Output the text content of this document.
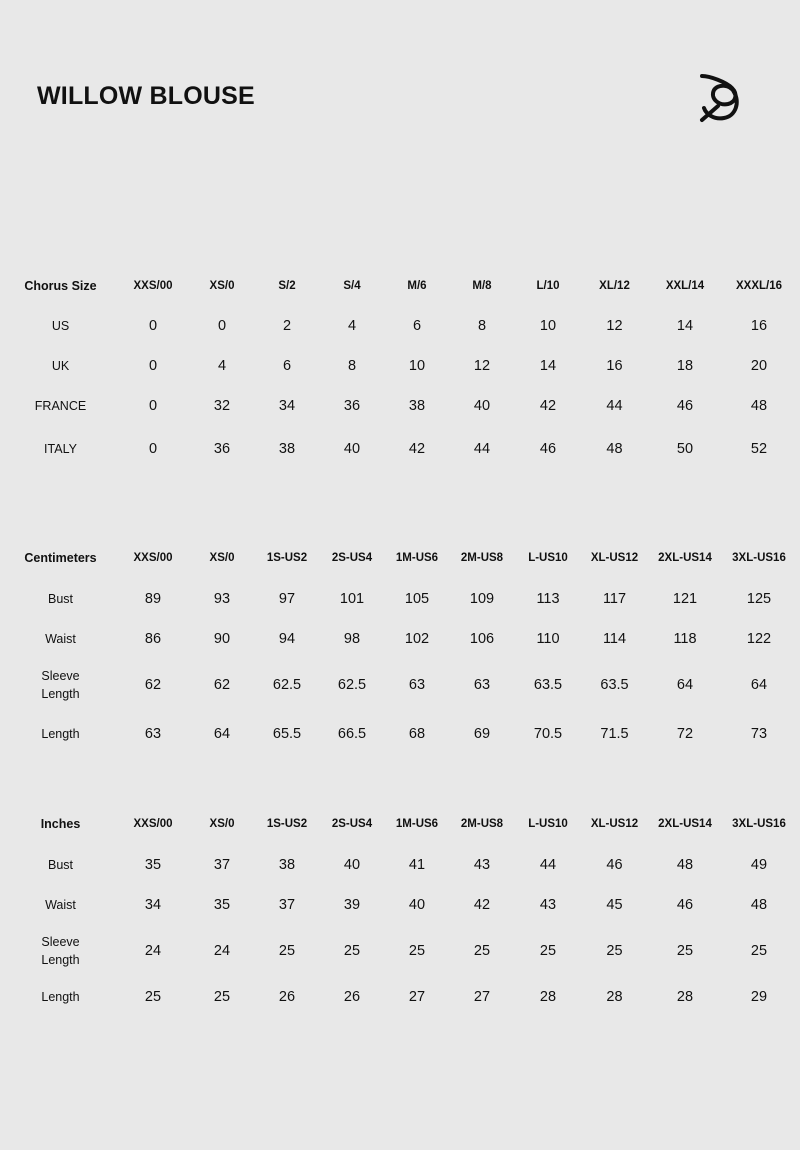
WILLOW BLOUSE
Chorus Size	XXS/00	XS/0	S/2	S/4	M/6	M/8	L/10	XL/12	XXL/14	XXXL/16
US	0	0	2	4	6	8	10	12	14	16
UK	0	4	6	8	10	12	14	16	18	20
FRANCE	0	32	34	36	38	40	42	44	46	48
ITALY	0	36	38	40	42	44	46	48	50	52
Centimeters	XXS/00	XS/0	1S-US2	2S-US4	1M-US6	2M-US8	L-US10	XL-US12	2XL-US14	3XL-US16
Bust	89	93	97	101	105	109	113	117	121	125
Waist	86	90	94	98	102	106	110	114	118	122
Sleeve
Length	62	62	62.5	62.5	63	63	63.5	63.5	64	64
Length	63	64	65.5	66.5	68	69	70.5	71.5	72	73
Inches	XXS/00	XS/0	1S-US2	2S-US4	1M-US6	2M-US8	L-US10	XL-US12	2XL-US14	3XL-US16
Bust	35	37	38	40	41	43	44	46	48	49
Waist	34	35	37	39	40	42	43	45	46	48
Sleeve
Length	24	24	25	25	25	25	25	25	25	25
Length	25	25	26	26	27	27	28	28	28	29
